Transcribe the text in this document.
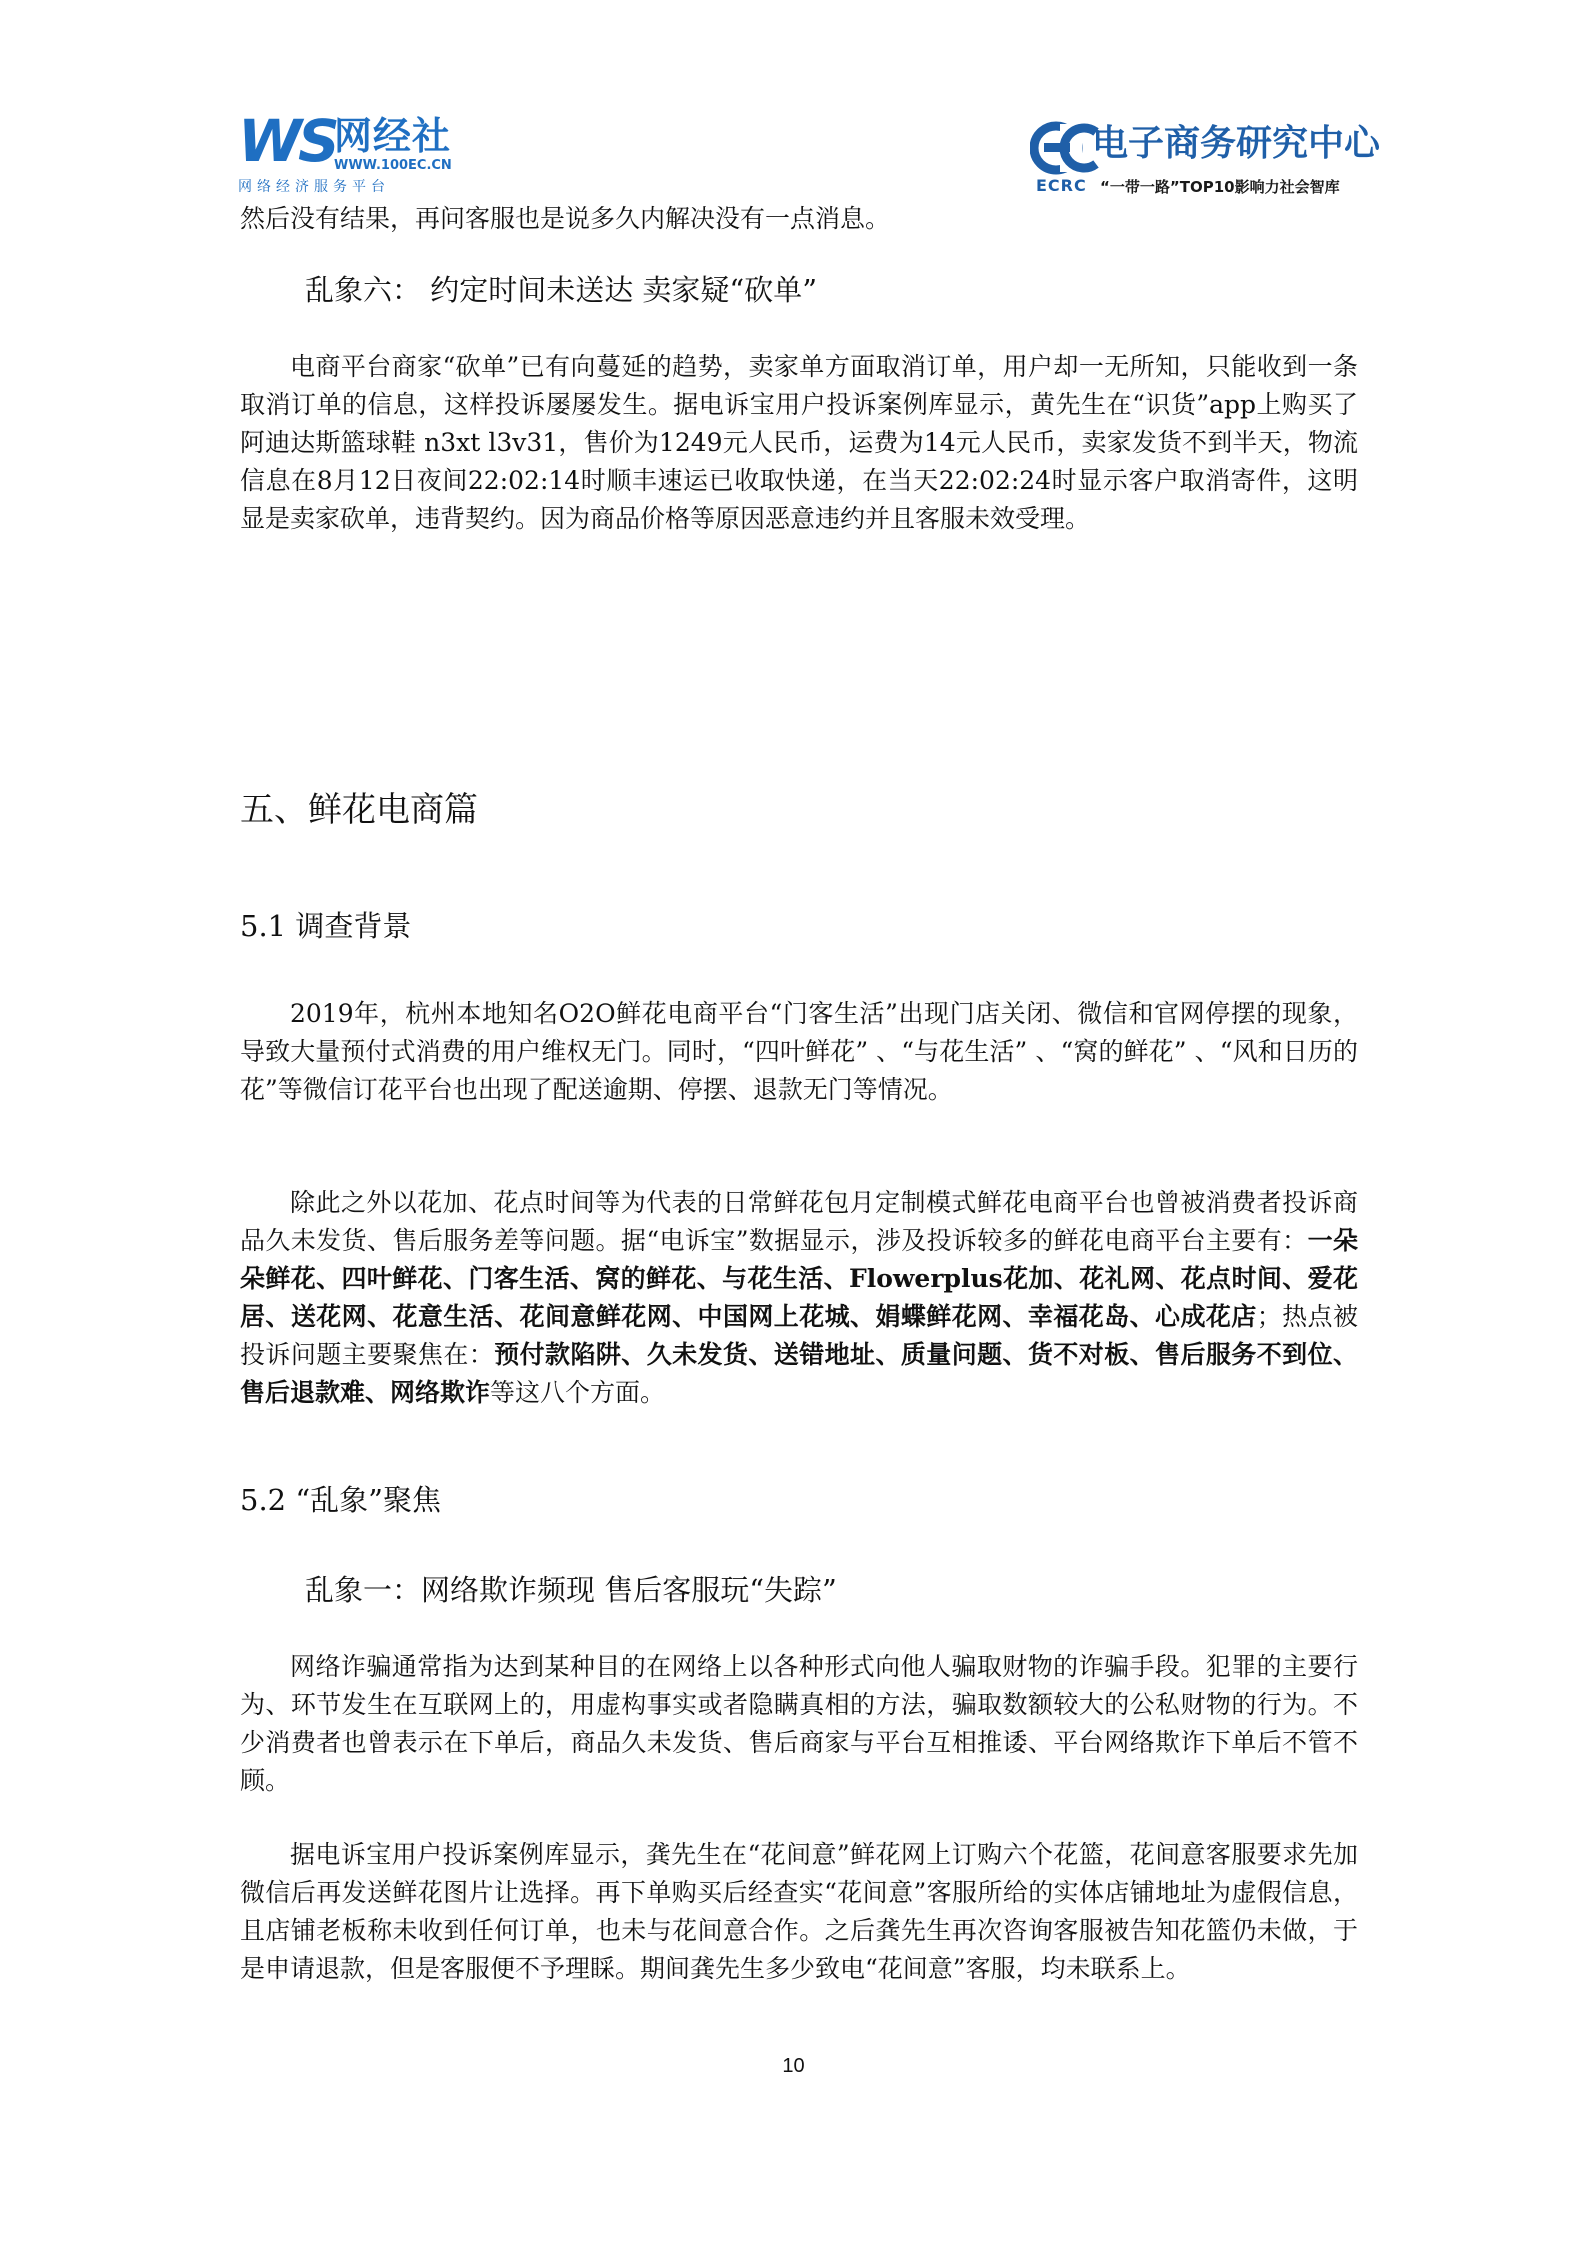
WS
网经社
WWW.100EC.CN
网络经济服务平台
电子商务研究中心
ECRC “一带一路”TOP10影响力社会智库

然后没有结果，再问客服也是说多久内解决没有一点消息。

乱象六： 约定时间未送达 卖家疑“砍单”

电商平台商家“砍单”已有向蔓延的趋势，卖家单方面取消订单，用户却一无所知，只能收到一条取消订单的信息，这样投诉屡屡发生。据电诉宝用户投诉案例库显示，黄先生在“识货”app上购买了阿迪达斯篮球鞋 n3xt l3v31，售价为1249元人民币，运费为14元人民币，卖家发货不到半天，物流信息在8月12日夜间22:02:14时顺丰速运已收取快递，在当天22:02:24时显示客户取消寄件，这明显是卖家砍单，违背契约。因为商品价格等原因恶意违约并且客服未效受理。

五、鲜花电商篇
5.1 调查背景

2019年，杭州本地知名O2O鲜花电商平台“门客生活”出现门店关闭、微信和官网停摆的现象，导致大量预付式消费的用户维权无门。同时，“四叶鲜花” 、“与花生活” 、“窝的鲜花” 、“风和日历的花”等微信订花平台也出现了配送逾期、停摆、退款无门等情况。

除此之外以花加、花点时间等为代表的日常鲜花包月定制模式鲜花电商平台也曾被消费者投诉商品久未发货、售后服务差等问题。据“电诉宝”数据显示，涉及投诉较多的鲜花电商平台主要有：一朵朵鲜花、四叶鲜花、门客生活、窝的鲜花、与花生活、Flowerplus花加、花礼网、花点时间、爱花居、送花网、花意生活、花间意鲜花网、中国网上花城、娟蝶鲜花网、幸福花岛、心成花店；热点被投诉问题主要聚焦在：预付款陷阱、久未发货、送错地址、质量问题、货不对板、售后服务不到位、售后退款难、网络欺诈等这八个方面。

5.2 “乱象”聚焦
乱象一：网络欺诈频现 售后客服玩“失踪”

网络诈骗通常指为达到某种目的在网络上以各种形式向他人骗取财物的诈骗手段。犯罪的主要行为、环节发生在互联网上的，用虚构事实或者隐瞒真相的方法，骗取数额较大的公私财物的行为。不少消费者也曾表示在下单后，商品久未发货、售后商家与平台互相推诿、平台网络欺诈下单后不管不顾。

据电诉宝用户投诉案例库显示，龚先生在“花间意”鲜花网上订购六个花篮，花间意客服要求先加微信后再发送鲜花图片让选择。再下单购买后经查实“花间意”客服所给的实体店铺地址为虚假信息，且店铺老板称未收到任何订单，也未与花间意合作。之后龚先生再次咨询客服被告知花篮仍未做，于是申请退款，但是客服便不予理睬。期间龚先生多少致电“花间意”客服，均未联系上。

10
